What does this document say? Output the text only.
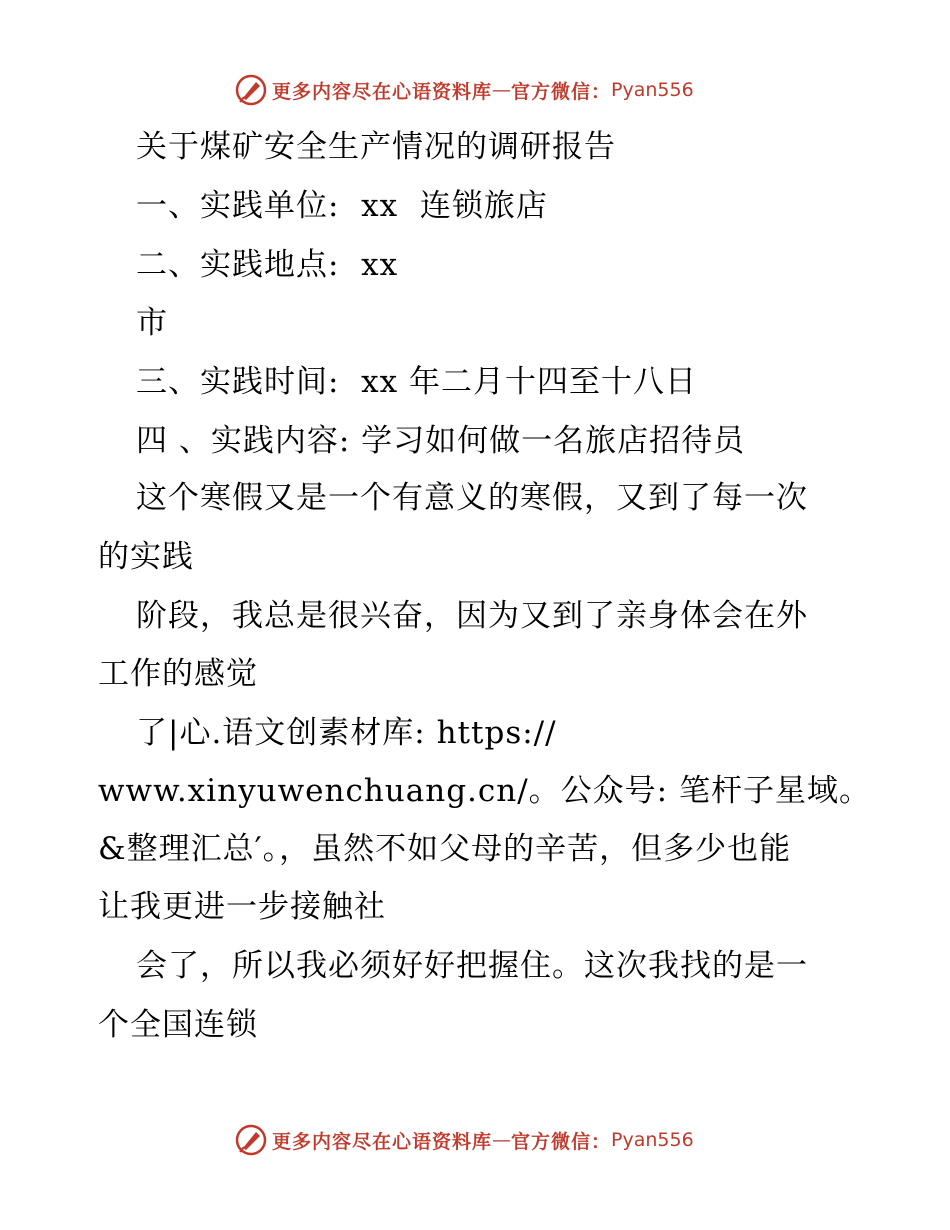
更多内容尽在心语资料库 — 官方微信： Pyan556
关于煤矿安全生产情况的调研报告
一、实践单位:  xx  连锁旅店
二、实践地点:  xx
市
三、实践时间:  xx 年二月十四至十八日
四 、实践内容: 学习如何做一名旅店招待员
这个寒假又是一个有意义的寒假，又到了每一次
的实践
阶段，我总是很兴奋，因为又到了亲身体会在外
工作的感觉
了|心.语文创素材库: https://
www.xinyuwenchuang.cn/。公众号: 笔杆子星域。
&整理汇总′。，虽然不如父母的辛苦，但多少也能
让我更进一步接触社
会了，所以我必须好好把握住。这次我找的是一
个全国连锁
更多内容尽在心语资料库 — 官方微信： Pyan556
